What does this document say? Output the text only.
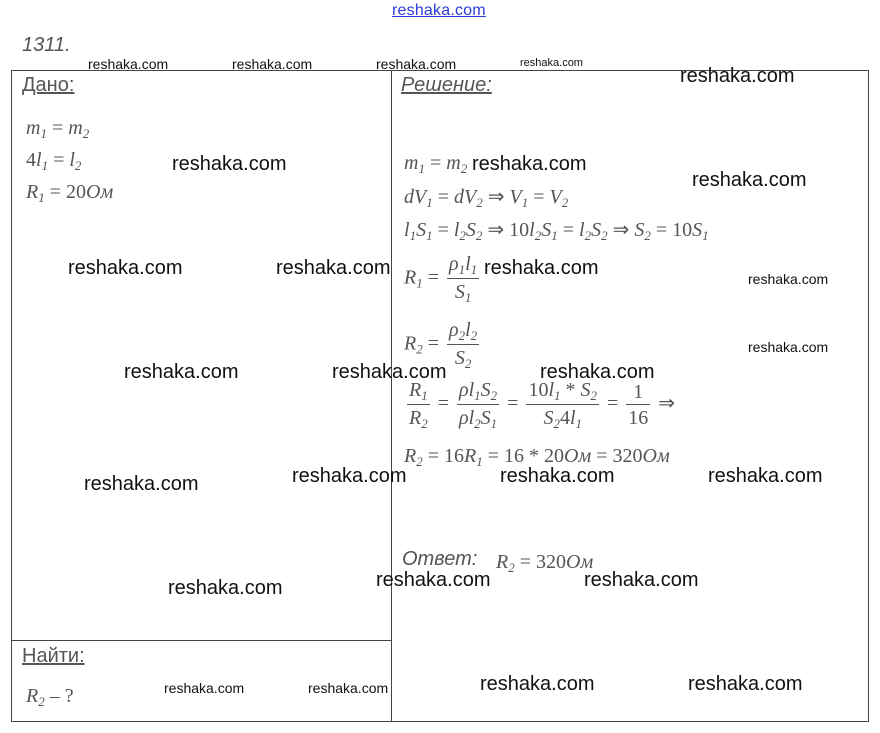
reshaka.com
1311.
Дано:
$m_1 = m_2$
$4l_1 = l_2$
$R_1 = 20Ом$
Найти:
$R_2$ – ?
Решение:
$m_1 = m_2$
$dV_1 = dV_2$ ⇒ $V_1 = V_2$
$l_1S_1 = l_2S_2$ ⇒ $10l_2S_1 = l_2S_2$ ⇒ $S_2 = 10S_1$
$R_1 = \frac{\rho_1l_1}{S_1}$
$R_2 = \frac{\rho_2l_2}{S_2}$
$\frac{R_1}{R_2} = \frac{\rho l_1S_2}{\rho l_2S_1} = \frac{10l_1 * S_2}{S_24l_1} = \frac{1}{16}$ ⇒
$R_2 = 16R_1 = 16 * 20Ом = 320Ом$
Ответ: $R_2 = 320Ом$
reshaka.com	reshaka.com	reshaka.com	reshaka.com
reshaka.com
reshaka.com	reshaka.com
reshaka.com
reshaka.com	reshaka.com	reshaka.com	reshaka.com
reshaka.com
reshaka.com	reshaka.com	reshaka.com
reshaka.com	reshaka.com	reshaka.com
reshaka.com
reshaka.com	reshaka.com
reshaka.com
reshaka.com	reshaka.com
reshaka.com	reshaka.com
